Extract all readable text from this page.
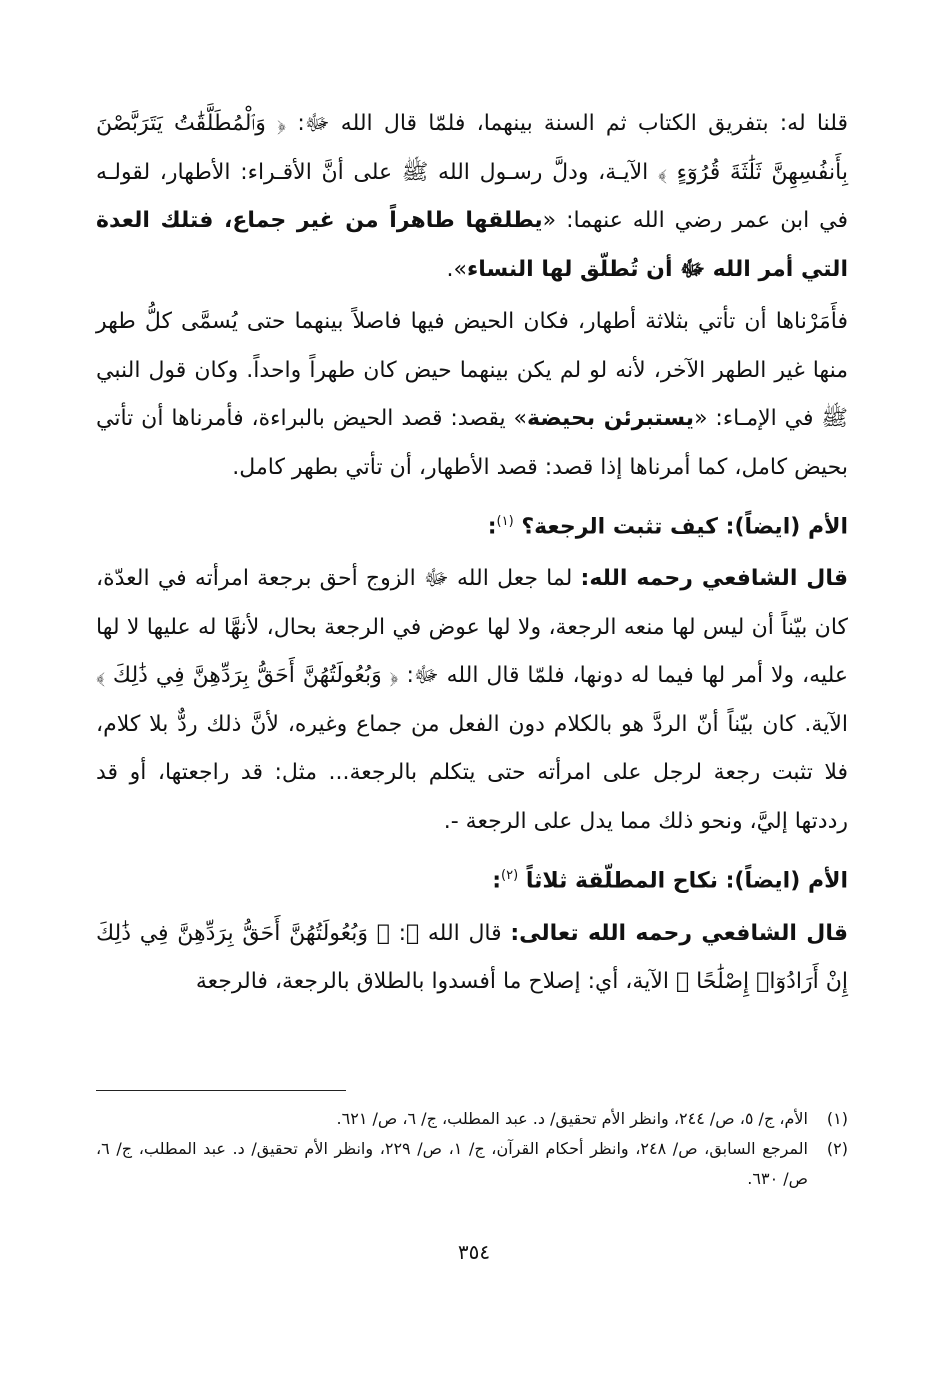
قلنا له: بتفريق الكتاب ثم السنة بينهما، فلمّا قال الله ﷻ: ﴿ وَٱلْمُطَلَّقَٰتُ يَتَرَبَّصْنَ بِأَنفُسِهِنَّ ثَلَٰثَةَ قُرُوٓءٍ ﴾ الآيـة، ودلَّ رسـول الله ﷺ على أنَّ الأقـراء: الأطهار، لقولـه في ابن عمر رضي الله عنهما: «يطلقها طاهراً من غير جماع، فتلك العدة التي أمر الله ﷻ أن تُطلّق لها النساء».

فأَمَرْناها أن تأتي بثلاثة أطهار، فكان الحيض فيها فاصلاً بينهما حتى يُسمَّى كلُّ طهر منها غير الطهر الآخر، لأنه لو لم يكن بينهما حيض كان طهراً واحداً. وكان قول النبي ﷺ في الإمـاء: «يستبرئن بحيضة» يقصد: قصد الحيض بالبراءة، فأمرناها أن تأتي بحيض كامل، كما أمرناها إذا قصد: قصد الأطهار، أن تأتي بطهر كامل.

الأم (ايضاً): كيف تثبت الرجعة؟ $^{(١)}$:

قال الشافعي رحمه الله: لما جعل الله ﷻ الزوج أحق برجعة امرأته في العدّة، كان بيّناً أن ليس لها منعه الرجعة، ولا لها عوض في الرجعة بحال، لأنهَّا له عليها لا لها عليه، ولا أمر لها فيما له دونها، فلمّا قال الله ﷻ: ﴿ وَبُعُولَتُهُنَّ أَحَقُّ بِرَدِّهِنَّ فِي ذَٰلِكَ ﴾ الآية. كان بيّناً أنّ الردَّ هو بالكلام دون الفعل من جماع وغيره، لأنَّ ذلك ردٌّ بلا كلام، فلا تثبت رجعة لرجل على امرأته حتى يتكلم بالرجعة... مثل: قد راجعتها، أو قد رددتها إليَّ، ونحو ذلك مما يدل على الرجعة -.

الأم (ايضاً): نكاح المطلّقة ثلاثاً $^{(٢)}$:

قال الشافعي رحمه الله تعالى: قال الله ﷻ: ﴿ وَبُعُولَتُهُنَّ أَحَقُّ بِرَدِّهِنَّ فِي ذَٰلِكَ إِنْ أَرَادُوٓا۟ إِصْلَٰحًا ﴾ الآية، أي: إصلاح ما أفسدوا بالطلاق بالرجعة، فالرجعة

(١)
الأم، ج/ ٥، ص/ ٢٤٤، وانظر الأم تحقيق/ د. عبد المطلب، ج/ ٦، ص/ ٦٢١.
(٢)
المرجع السابق، ص/ ٢٤٨، وانظر أحكام القرآن، ج/ ١، ص/ ٢٢٩، وانظر الأم تحقيق/ د. عبد المطلب، ج/ ٦، ص/ ٦٣٠.
٣٥٤
